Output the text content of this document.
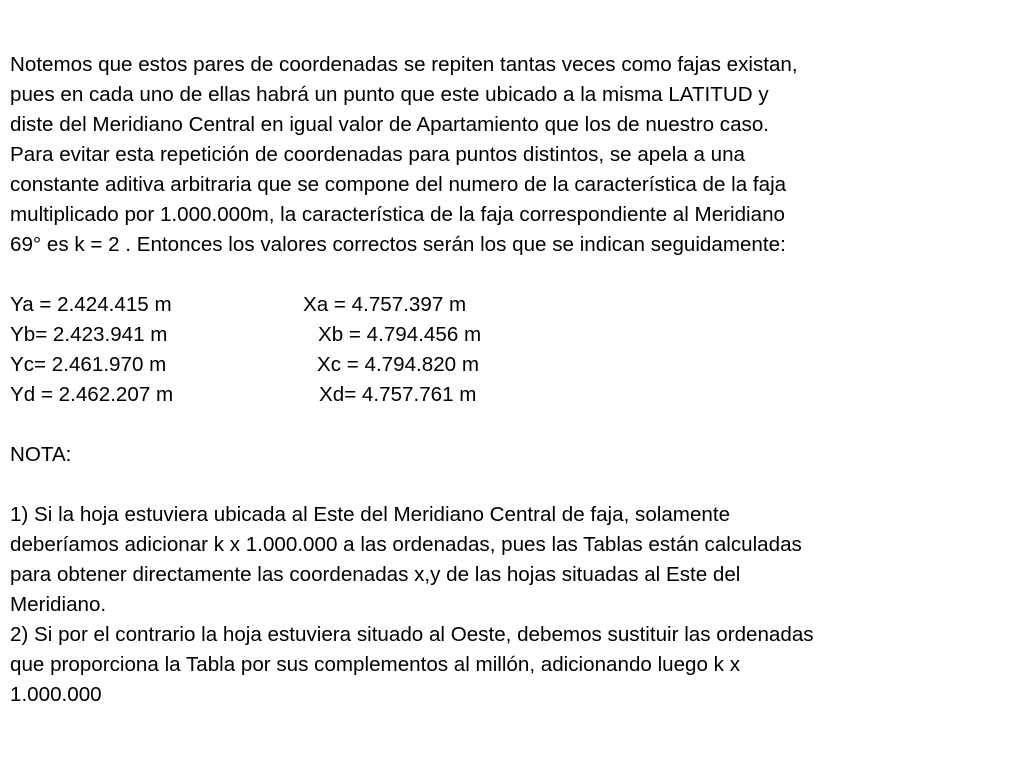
Notemos que estos pares de coordenadas se repiten tantas veces como fajas existan,
pues en cada uno de ellas habrá un punto que este ubicado a la misma LATITUD y
diste del Meridiano Central en igual valor de Apartamiento que los de nuestro caso.
Para evitar esta repetición de coordenadas para puntos distintos, se apela a una
constante aditiva arbitraria que se compone del numero de la característica de la faja
multiplicado por 1.000.000m, la característica de la faja correspondiente al Meridiano
69° es k = 2 . Entonces los valores correctos serán los que se indican seguidamente:
Ya = 2.424.415 m	Xa = 4.757.397 m
Yb= 2.423.941 m	Xb = 4.794.456 m
Yc= 2.461.970 m	Xc = 4.794.820 m
Yd = 2.462.207 m	Xd= 4.757.761 m
NOTA:
1) Si la hoja estuviera ubicada al Este del Meridiano Central de faja, solamente
deberíamos adicionar k x 1.000.000 a las ordenadas, pues las Tablas están calculadas
para obtener directamente las coordenadas x,y de las hojas situadas al Este del
Meridiano.
2) Si por el contrario la hoja estuviera situado al Oeste, debemos sustituir las ordenadas
que proporciona la Tabla por sus complementos al millón, adicionando luego k x
1.000.000
